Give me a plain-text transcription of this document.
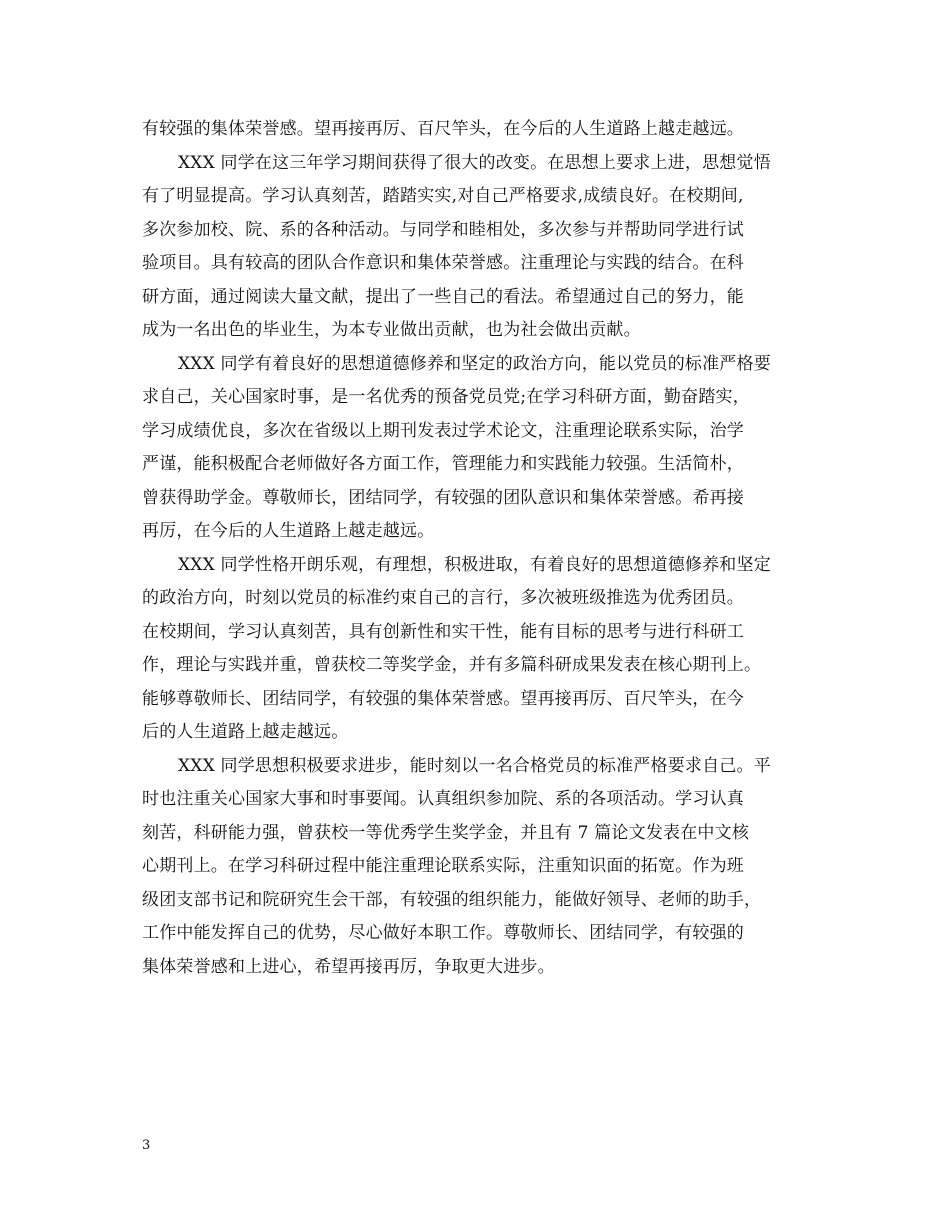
有较强的集体荣誉感。望再接再厉、百尺竿头，在今后的人生道路上越走越远。
XXX 同学在这三年学习期间获得了很大的改变。在思想上要求上进，思想觉悟
有了明显提高。学习认真刻苦，踏踏实实,对自己严格要求,成绩良好。在校期间,
多次参加校、院、系的各种活动。与同学和睦相处，多次参与并帮助同学进行试
验项目。具有较高的团队合作意识和集体荣誉感。注重理论与实践的结合。在科
研方面，通过阅读大量文献，提出了一些自己的看法。希望通过自己的努力，能
成为一名出色的毕业生，为本专业做出贡献，也为社会做出贡献。
XXX 同学有着良好的思想道德修养和坚定的政治方向，能以党员的标准严格要
求自己，关心国家时事，是一名优秀的预备党员党;在学习科研方面，勤奋踏实，
学习成绩优良，多次在省级以上期刊发表过学术论文，注重理论联系实际，治学
严谨，能积极配合老师做好各方面工作，管理能力和实践能力较强。生活简朴，
曾获得助学金。尊敬师长，团结同学，有较强的团队意识和集体荣誉感。希再接
再厉，在今后的人生道路上越走越远。
XXX 同学性格开朗乐观，有理想，积极进取，有着良好的思想道德修养和坚定
的政治方向，时刻以党员的标准约束自己的言行，多次被班级推选为优秀团员。
在校期间，学习认真刻苦，具有创新性和实干性，能有目标的思考与进行科研工
作，理论与实践并重，曾获校二等奖学金，并有多篇科研成果发表在核心期刊上。
能够尊敬师长、团结同学，有较强的集体荣誉感。望再接再厉、百尺竿头，在今
后的人生道路上越走越远。
XXX 同学思想积极要求进步，能时刻以一名合格党员的标准严格要求自己。平
时也注重关心国家大事和时事要闻。认真组织参加院、系的各项活动。学习认真
刻苦，科研能力强，曾获校一等优秀学生奖学金，并且有 7 篇论文发表在中文核
心期刊上。在学习科研过程中能注重理论联系实际，注重知识面的拓宽。作为班
级团支部书记和院研究生会干部，有较强的组织能力，能做好领导、老师的助手，
工作中能发挥自己的优势，尽心做好本职工作。尊敬师长、团结同学，有较强的
集体荣誉感和上进心，希望再接再厉，争取更大进步。
3
